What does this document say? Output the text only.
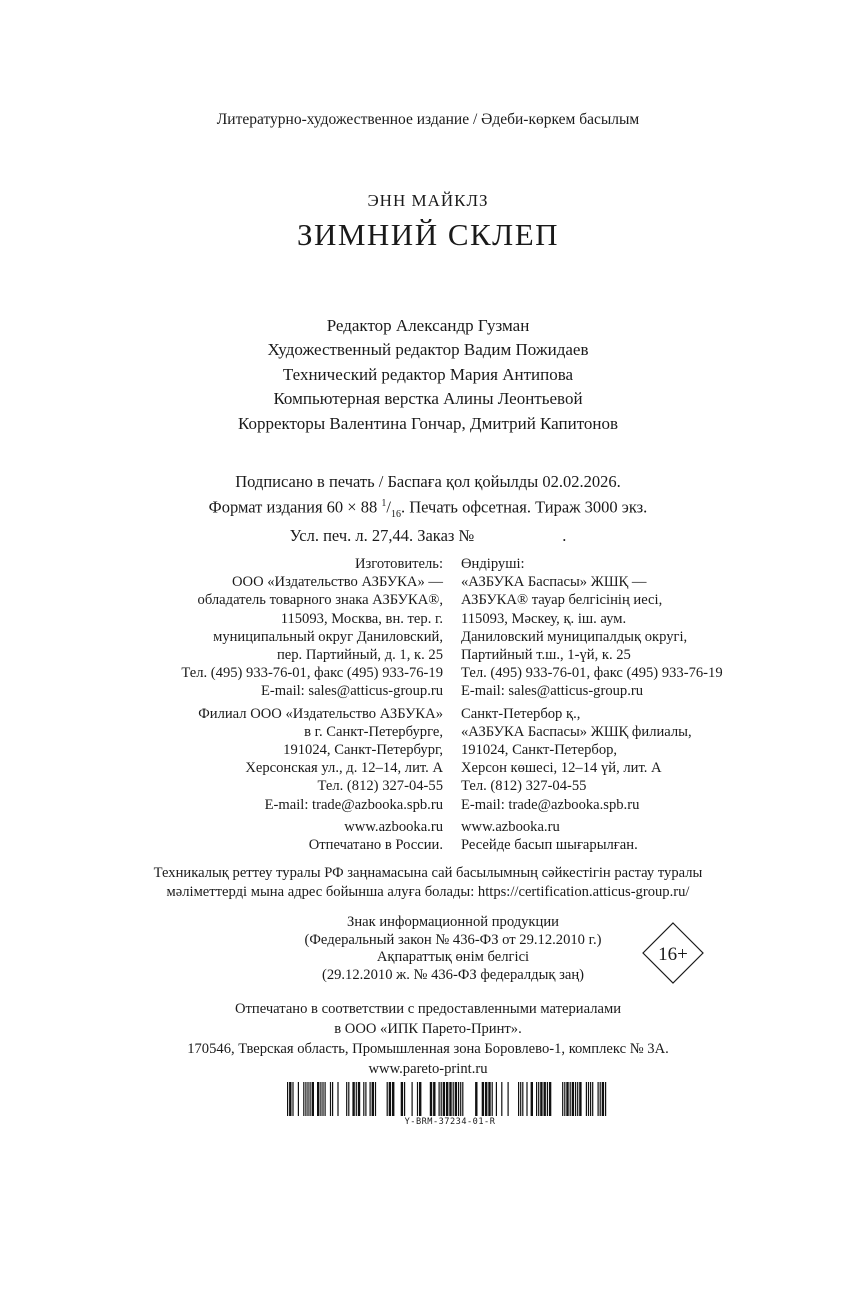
Литературно-художественное издание / Әдеби-көркем басылым
ЭНН МАЙКЛЗ
ЗИМНИЙ СКЛЕП
Редактор Александр Гузман
Художественный редактор Вадим Пожидаев
Технический редактор Мария Антипова
Компьютерная верстка Алины Леонтьевой
Корректоры Валентина Гончар, Дмитрий Капитонов
Подписано в печать / Баспаға қол қойылды 02.02.2026.
Формат издания 60 × 88 $^1/_{16}$. Печать офсетная. Тираж 3000 экз.
Усл. печ. л. 27,44. Заказ №	.
Изготовитель:
ООО «Издательство АЗБУКА» —
обладатель товарного знака АЗБУКА®,
115093, Москва, вн. тер. г.
муниципальный округ Даниловский,
пер. Партийный, д. 1, к. 25
Тел. (495) 933-76-01, факс (495) 933-76-19
E-mail: sales@atticus-group.ru
Филиал ООО «Издательство АЗБУКА»
в г. Санкт-Петербурге,
191024, Санкт-Петербург,
Херсонская ул., д. 12–14, лит. А
Тел. (812) 327-04-55
E-mail: trade@azbooka.spb.ru
www.azbooka.ru
Отпечатано в России.
Өндіруші:
«АЗБУКА Баспасы» ЖШҚ —
АЗБУКА® тауар белгісінің иесі,
115093, Мәскеу, қ. іш. аум.
Даниловский муниципалдық округі,
Партийный т.ш., 1-үй, к. 25
Тел. (495) 933-76-01, факс (495) 933-76-19
E-mail: sales@atticus-group.ru
Санкт-Петербор қ.,
«АЗБУКА Баспасы» ЖШҚ филиалы,
191024, Санкт-Петербор,
Херсон көшесі, 12–14 үй, лит. А
Тел. (812) 327-04-55
E-mail: trade@azbooka.spb.ru
www.azbooka.ru
Ресейде басып шығарылған.
Техникалық реттеу туралы РФ заңнамасына сай басылымның сәйкестігін растау туралы
мәліметтерді мына адрес бойынша алуға болады: https://certification.atticus-group.ru/
Знак информационной продукции
(Федеральный закон № 436-ФЗ от 29.12.2010 г.)
Ақпараттық өнім белгісі
(29.12.2010 ж. № 436-ФЗ федералдық заң)
16+
Отпечатано в соответствии с предоставленными материалами
в ООО «ИПК Парето-Принт».
170546, Тверская область, Промышленная зона Боровлево-1, комплекс № 3А.
www.pareto-print.ru
Y-BRM-37234-01-R
